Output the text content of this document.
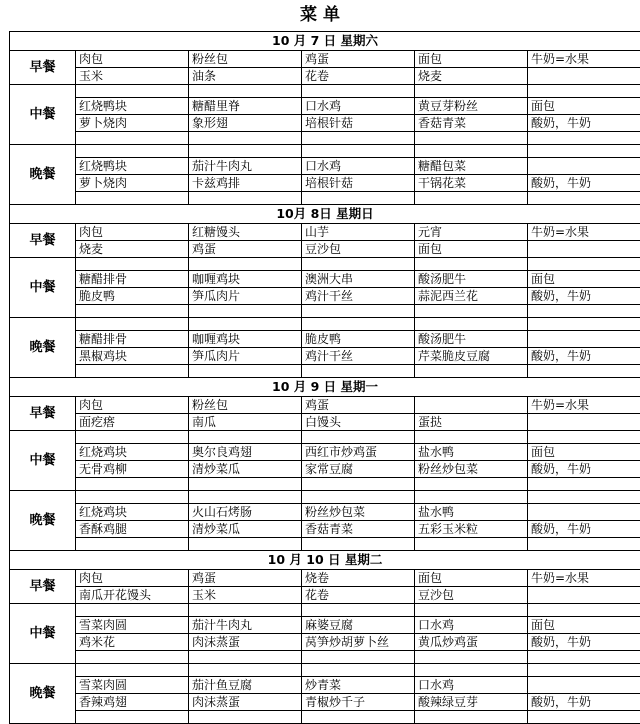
菜 单
10 月 7 日 星期六					
早餐	肉包	粉丝包	鸡蛋	面包	牛奶=水果
	玉米	油条	花卷	烧麦	
中餐					
	红烧鸭块	糖醋里脊	口水鸡	黄豆芽粉丝	面包
	萝卜烧肉	象形翅	培根针菇	香菇青菜	酸奶，牛奶

晚餐					
	红烧鸭块	茄汁牛肉丸	口水鸡	糖醋包菜	
	萝卜烧肉	卡兹鸡排	培根针菇	干锅花菜	酸奶，牛奶

10月 8日 星期日					
早餐	肉包	红糖馒头	山芋	元宵	牛奶=水果
	烧麦	鸡蛋	豆沙包	面包	
中餐					
	糖醋排骨	咖喱鸡块	澳洲大串	酸汤肥牛	面包
	脆皮鸭	笋瓜肉片	鸡汁干丝	蒜泥西兰花	酸奶，牛奶

晚餐					
	糖醋排骨	咖喱鸡块	脆皮鸭	酸汤肥牛	
	黑椒鸡块	笋瓜肉片	鸡汁干丝	芹菜脆皮豆腐	酸奶，牛奶

10 月 9 日 星期一					
早餐	肉包	粉丝包	鸡蛋		牛奶=水果
	面疙瘩	南瓜	白馒头	蛋挞	
中餐					
	红烧鸡块	奥尔良鸡翅	西红市炒鸡蛋	盐水鸭	面包
	无骨鸡柳	清炒菜瓜	家常豆腐	粉丝炒包菜	酸奶，牛奶

晚餐					
	红烧鸡块	火山石烤肠	粉丝炒包菜	盐水鸭	
	香酥鸡腿	清炒菜瓜	香菇青菜	五彩玉米粒	酸奶，牛奶

10 月 10 日 星期二					
早餐	肉包	鸡蛋	烧卷	面包	牛奶=水果
	南瓜开花馒头	玉米	花卷	豆沙包	
中餐					
	雪菜肉圆	茄汁牛肉丸	麻婆豆腐	口水鸡	面包
	鸡米花	肉沫蒸蛋	莴笋炒胡萝卜丝	黄瓜炒鸡蛋	酸奶，牛奶

晚餐					
	雪菜肉圆	茄汁鱼豆腐	炒青菜	口水鸡	
	香辣鸡翅	肉沫蒸蛋	青椒炒千子	酸辣绿豆芽	酸奶，牛奶
